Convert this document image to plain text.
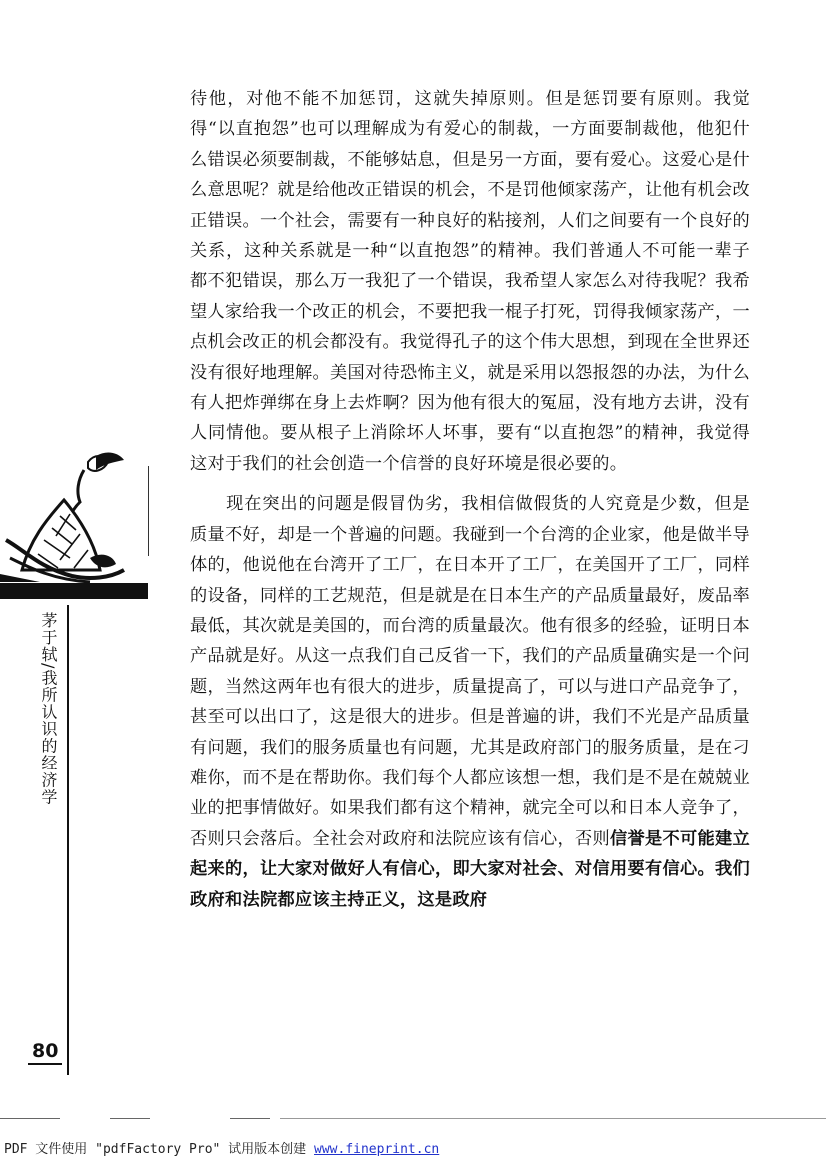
茅于轼/我所认识的经济学
80

待他，对他不能不加惩罚，这就失掉原则。但是惩罚要有原则。我觉得“以直抱怨”也可以理解成为有爱心的制裁，一方面要制裁他，他犯什么错误必须要制裁，不能够姑息，但是另一方面，要有爱心。这爱心是什么意思呢？就是给他改正错误的机会，不是罚他倾家荡产，让他有机会改正错误。一个社会，需要有一种良好的粘接剂，人们之间要有一个良好的关系，这种关系就是一种“以直抱怨”的精神。我们普通人不可能一辈子都不犯错误，那么万一我犯了一个错误，我希望人家怎么对待我呢？我希望人家给我一个改正的机会，不要把我一棍子打死，罚得我倾家荡产，一点机会改正的机会都没有。我觉得孔子的这个伟大思想，到现在全世界还没有很好地理解。美国对待恐怖主义，就是采用以怨报怨的办法，为什么有人把炸弹绑在身上去炸啊？因为他有很大的冤屈，没有地方去讲，没有人同情他。要从根子上消除坏人坏事，要有“以直抱怨”的精神，我觉得这对于我们的社会创造一个信誉的良好环境是很必要的。

现在突出的问题是假冒伪劣，我相信做假货的人究竟是少数，但是质量不好，却是一个普遍的问题。我碰到一个台湾的企业家，他是做半导体的，他说他在台湾开了工厂，在日本开了工厂，在美国开了工厂，同样的设备，同样的工艺规范，但是就是在日本生产的产品质量最好，废品率最低，其次就是美国的，而台湾的质量最次。他有很多的经验，证明日本产品就是好。从这一点我们自己反省一下，我们的产品质量确实是一个问题，当然这两年也有很大的进步，质量提高了，可以与进口产品竞争了，甚至可以出口了，这是很大的进步。但是普遍的讲，我们不光是产品质量有问题，我们的服务质量也有问题，尤其是政府部门的服务质量，是在刁难你，而不是在帮助你。我们每个人都应该想一想，我们是不是在兢兢业业的把事情做好。如果我们都有这个精神，就完全可以和日本人竞争了，否则只会落后。全社会对政府和法院应该有信心，否则信誉是不可能建立起来的，让大家对做好人有信心，即大家对社会、对信用要有信心。我们政府和法院都应该主持正义，这是政府

PDF 文件使用 "pdfFactory Pro" 试用版本创建 www.fineprint.cn
